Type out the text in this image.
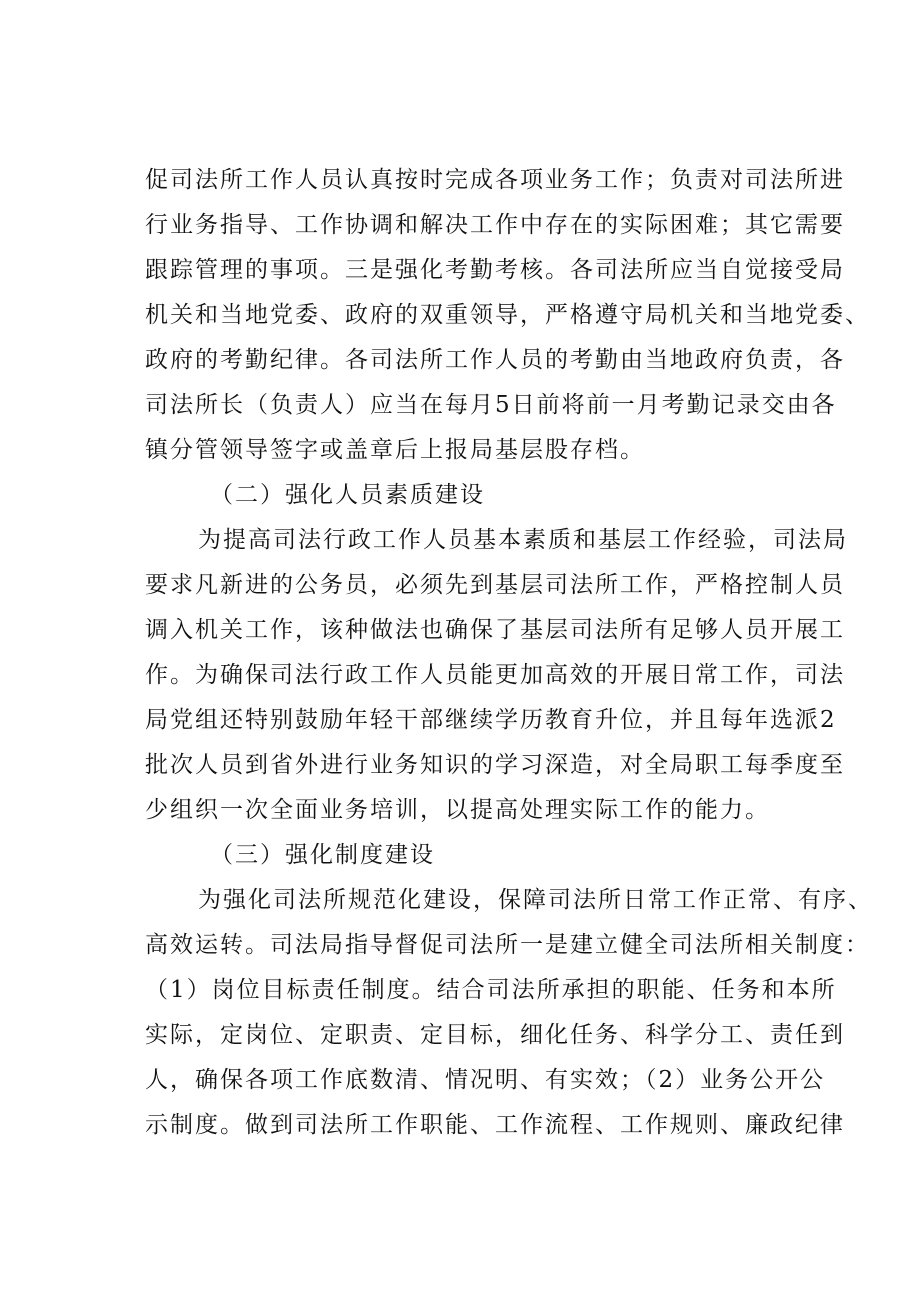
促司法所工作人员认真按时完成各项业务工作；负责对司法所进
行业务指导、工作协调和解决工作中存在的实际困难；其它需要
跟踪管理的事项。三是强化考勤考核。各司法所应当自觉接受局
机关和当地党委、政府的双重领导，严格遵守局机关和当地党委、
政府的考勤纪律。各司法所工作人员的考勤由当地政府负责，各
司法所长（负责人）应当在每月5日前将前一月考勤记录交由各
镇分管领导签字或盖章后上报局基层股存档。
（二）强化人员素质建设
为提高司法行政工作人员基本素质和基层工作经验，司法局
要求凡新进的公务员，必须先到基层司法所工作，严格控制人员
调入机关工作，该种做法也确保了基层司法所有足够人员开展工
作。为确保司法行政工作人员能更加高效的开展日常工作，司法
局党组还特别鼓励年轻干部继续学历教育升位，并且每年选派2
批次人员到省外进行业务知识的学习深造，对全局职工每季度至
少组织一次全面业务培训，以提高处理实际工作的能力。
（三）强化制度建设
为强化司法所规范化建设，保障司法所日常工作正常、有序、
高效运转。司法局指导督促司法所一是建立健全司法所相关制度：
（1）岗位目标责任制度。结合司法所承担的职能、任务和本所
实际，定岗位、定职责、定目标，细化任务、科学分工、责任到
人，确保各项工作底数清、情况明、有实效；（2）业务公开公
示制度。做到司法所工作职能、工作流程、工作规则、廉政纪律
